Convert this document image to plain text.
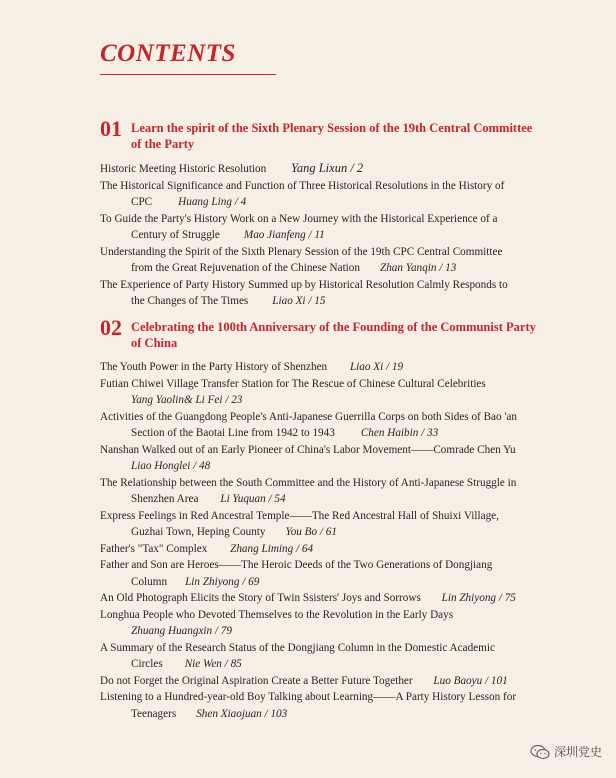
CONTENTS
01 Learn the spirit of the Sixth Plenary Session of the 19th Central Committee
of the Party
Historic Meeting Historic Resolution Yang Lixun / 2
The Historical Significance and Function of Three Historical Resolutions in the History of
CPC Huang Ling / 4
To Guide the Party's History Work on a New Journey with the Historical Experience of a
Century of Struggle Mao Jianfeng / 11
Understanding the Spirit of the Sixth Plenary Session of the 19th CPC Central Committee
from the Great Rejuvenation of the Chinese Nation Zhan Yanqin / 13
The Experience of Party History Summed up by Historical Resolution Calmly Responds to
the Changes of The Times Liao Xi / 15
02 Celebrating the 100th Anniversary of the Founding of the Communist Party
of China
The Youth Power in the Party History of Shenzhen Liao Xi / 19
Futian Chiwei Village Transfer Station for The Rescue of Chinese Cultural Celebrities
Yang Yaolin& Li Fei / 23
Activities of the Guangdong People's Anti-Japanese Guerrilla Corps on both Sides of Bao 'an
Section of the Baotai Line from 1942 to 1943 Chen Haibin / 33
Nanshan Walked out of an Early Pioneer of China's Labor Movement——Comrade Chen Yu
Liao Honglei / 48
The Relationship between the South Committee and the History of Anti-Japanese Struggle in
Shenzhen Area Li Yuquan / 54
Express Feelings in Red Ancestral Temple——The Red Ancestral Hall of Shuixi Village,
Guzhai Town, Heping County You Bo / 61
Father's "Tax" Complex Zhang Liming / 64
Father and Son are Heroes——The Heroic Deeds of the Two Generations of Dongjiang
Column Lin Zhiyong / 69
An Old Photograph Elicits the Story of Twin Ssisters' Joys and Sorrows Lin Zhiyong / 75
Longhua People who Devoted Themselves to the Revolution in the Early Days
Zhuang Huangxin / 79
A Summary of the Research Status of the Dongjiang Column in the Domestic Academic
Circles Nie Wen / 85
Do not Forget the Original Aspiration Create a Better Future Together Luo Baoyu / 101
Listening to a Hundred-year-old Boy Talking about Learning——A Party History Lesson for
Teenagers Shen Xiaojuan / 103
深圳党史
